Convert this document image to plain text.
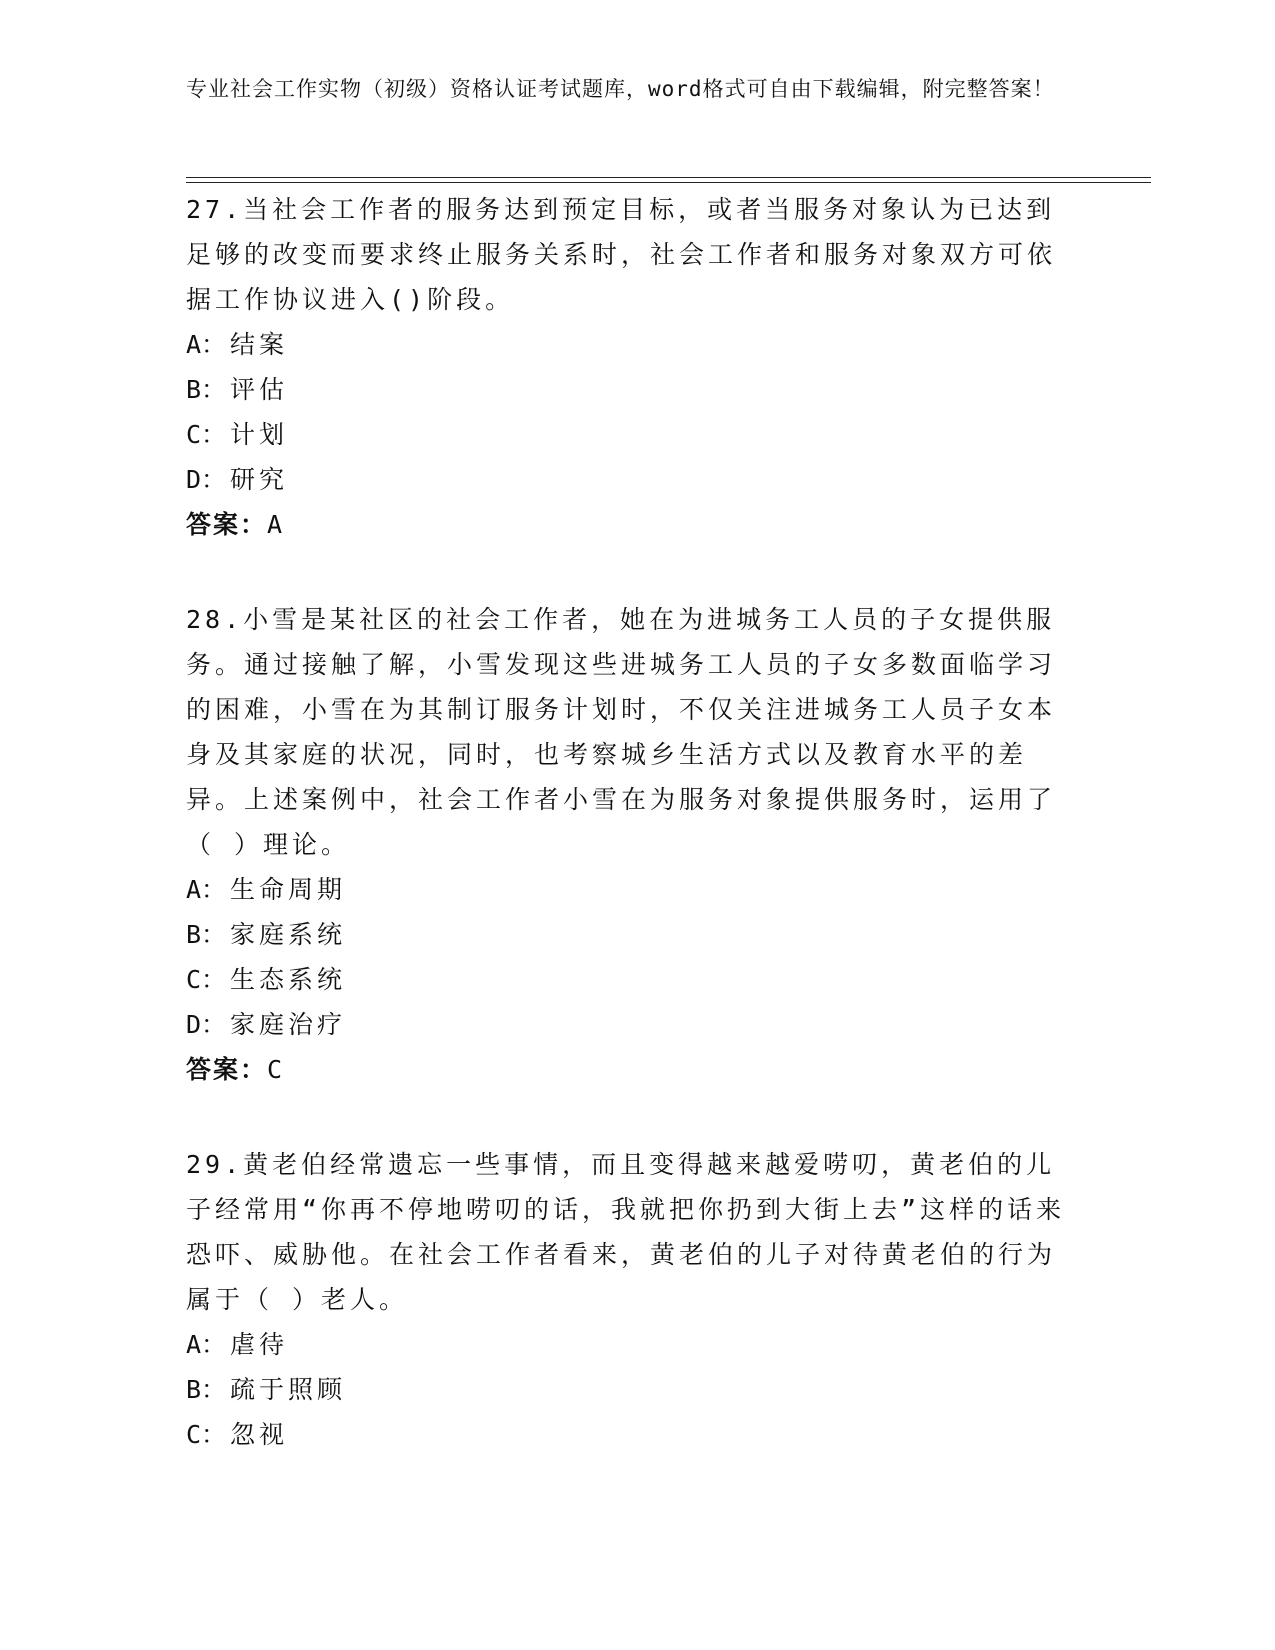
专业社会工作实物（初级）资格认证考试题库，word格式可自由下载编辑，附完整答案！

27.当社会工作者的服务达到预定目标，或者当服务对象认为已达到足够的改变而要求终止服务关系时，社会工作者和服务对象双方可依据工作协议进入()阶段。

A： 结案

B： 评估

C： 计划

D： 研究

答案：A

28.小雪是某社区的社会工作者，她在为进城务工人员的子女提供服务。通过接触了解，小雪发现这些进城务工人员的子女多数面临学习的困难，小雪在为其制订服务计划时，不仅关注进城务工人员子女本身及其家庭的状况，同时，也考察城乡生活方式以及教育水平的差异。上述案例中，社会工作者小雪在为服务对象提供服务时，运用了（ ）理论。

A： 生命周期

B： 家庭系统

C： 生态系统

D： 家庭治疗

答案：C

29.黄老伯经常遗忘一些事情，而且变得越来越爱唠叨，黄老伯的儿子经常用“你再不停地唠叨的话，我就把你扔到大街上去”这样的话来恐吓、威胁他。在社会工作者看来，黄老伯的儿子对待黄老伯的行为属于（ ）老人。

A： 虐待

B： 疏于照顾

C： 忽视
